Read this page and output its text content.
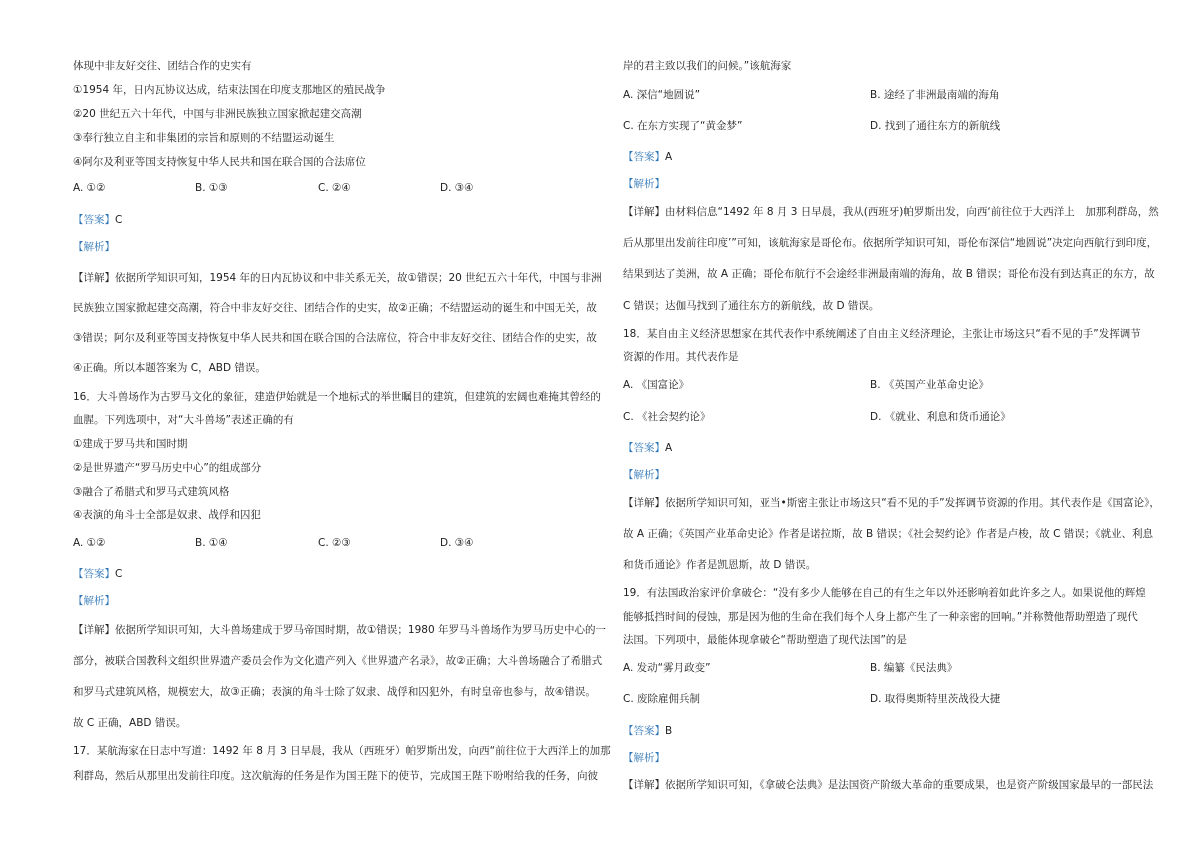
体现中非友好交往、团结合作的史实有
①1954 年，日内瓦协议达成，结束法国在印度支那地区的殖民战争
②20 世纪五六十年代，中国与非洲民族独立国家掀起建交高潮
③奉行独立自主和非集团的宗旨和原则的不结盟运动诞生
④阿尔及利亚等国支持恢复中华人民共和国在联合国的合法席位
A. ①②	B. ①③	C. ②④	D. ③④
【答案】C
【解析】
【详解】依据所学知识可知，1954 年的日内瓦协议和中非关系无关，故①错误；20 世纪五六十年代，中国与非洲
民族独立国家掀起建交高潮，符合中非友好交往、团结合作的史实，故②正确；不结盟运动的诞生和中国无关，故
③错误；阿尔及利亚等国支持恢复中华人民共和国在联合国的合法席位，符合中非友好交往、团结合作的史实，故
④正确。所以本题答案为 C，ABD 错误。
16．大斗兽场作为古罗马文化的象征，建造伊始就是一个地标式的举世瞩目的建筑，但建筑的宏阔也难掩其曾经的
血腥。下列选项中，对“大斗兽场”表述正确的有
①建成于罗马共和国时期
②是世界遗产“罗马历史中心”的组成部分
③融合了希腊式和罗马式建筑风格
④表演的角斗士全部是奴隶、战俘和囚犯
A. ①②	B. ①④	C. ②③	D. ③④
【答案】C
【解析】
【详解】依据所学知识可知，大斗兽场建成于罗马帝国时期，故①错误；1980 年罗马斗兽场作为罗马历史中心的一
部分，被联合国教科文组织世界遗产委员会作为文化遗产列入《世界遗产名录》，故②正确；大斗兽场融合了希腊式
和罗马式建筑风格，规模宏大，故③正确；表演的角斗士除了奴隶、战俘和囚犯外，有时皇帝也参与，故④错误。
故 C 正确，ABD 错误。
17．某航海家在日志中写道：1492 年 8 月 3 日早晨，我从（西班牙）帕罗斯出发，向西“前往位于大西洋上的加那
利群岛，然后从那里出发前往印度。这次航海的任务是作为国王陛下的使节，完成国王陛下吩咐给我的任务，向彼
岸的君主致以我们的问候。”该航海家
A. 深信“地圆说”	B. 途经了非洲最南端的海角
C. 在东方实现了“黄金梦”	D. 找到了通往东方的新航线
【答案】A
【解析】
【详解】由材料信息“1492 年 8 月 3 日早晨，我从(西班牙)帕罗斯出发，向西‘前往位于大西洋上　加那利群岛，然
后从那里出发前往印度’”可知，该航海家是哥伦布。依据所学知识可知，哥伦布深信“地圆说”决定向西航行到印度，
结果到达了美洲，故 A 正确；哥伦布航行不会途经非洲最南端的海角，故 B 错误；哥伦布没有到达真正的东方，故
C 错误；达伽马找到了通往东方的新航线，故 D 错误。
18．某自由主义经济思想家在其代表作中系统阐述了自由主义经济理论，主张让市场这只“看不见的手”发挥调节
资源的作用。其代表作是
A. 《国富论》	B. 《英国产业革命史论》
C. 《社会契约论》	D. 《就业、利息和货币通论》
【答案】A
【解析】
【详解】依据所学知识可知，亚当•斯密主张让市场这只“看不见的手”发挥调节资源的作用。其代表作是《国富论》，
故 A 正确；《英国产业革命史论》作者是诺拉斯，故 B 错误；《社会契约论》作者是卢梭，故 C 错误；《就业、利息
和货币通论》作者是凯恩斯，故 D 错误。
19．有法国政治家评价拿破仑：“没有多少人能够在自己的有生之年以外还影响着如此许多之人。如果说他的辉煌
能够抵挡时间的侵蚀，那是因为他的生命在我们每个人身上都产生了一种亲密的回响。”并称赞他帮助塑造了现代
法国。下列项中，最能体现拿破仑“帮助塑造了现代法国”的是
A. 发动“雾月政变”	B. 编纂《民法典》
C. 废除雇佣兵制	D. 取得奥斯特里茨战役大捷
【答案】B
【解析】
【详解】依据所学知识可知，《拿破仑法典》是法国资产阶级大革命的重要成果，也是资产阶级国家最早的一部民法
